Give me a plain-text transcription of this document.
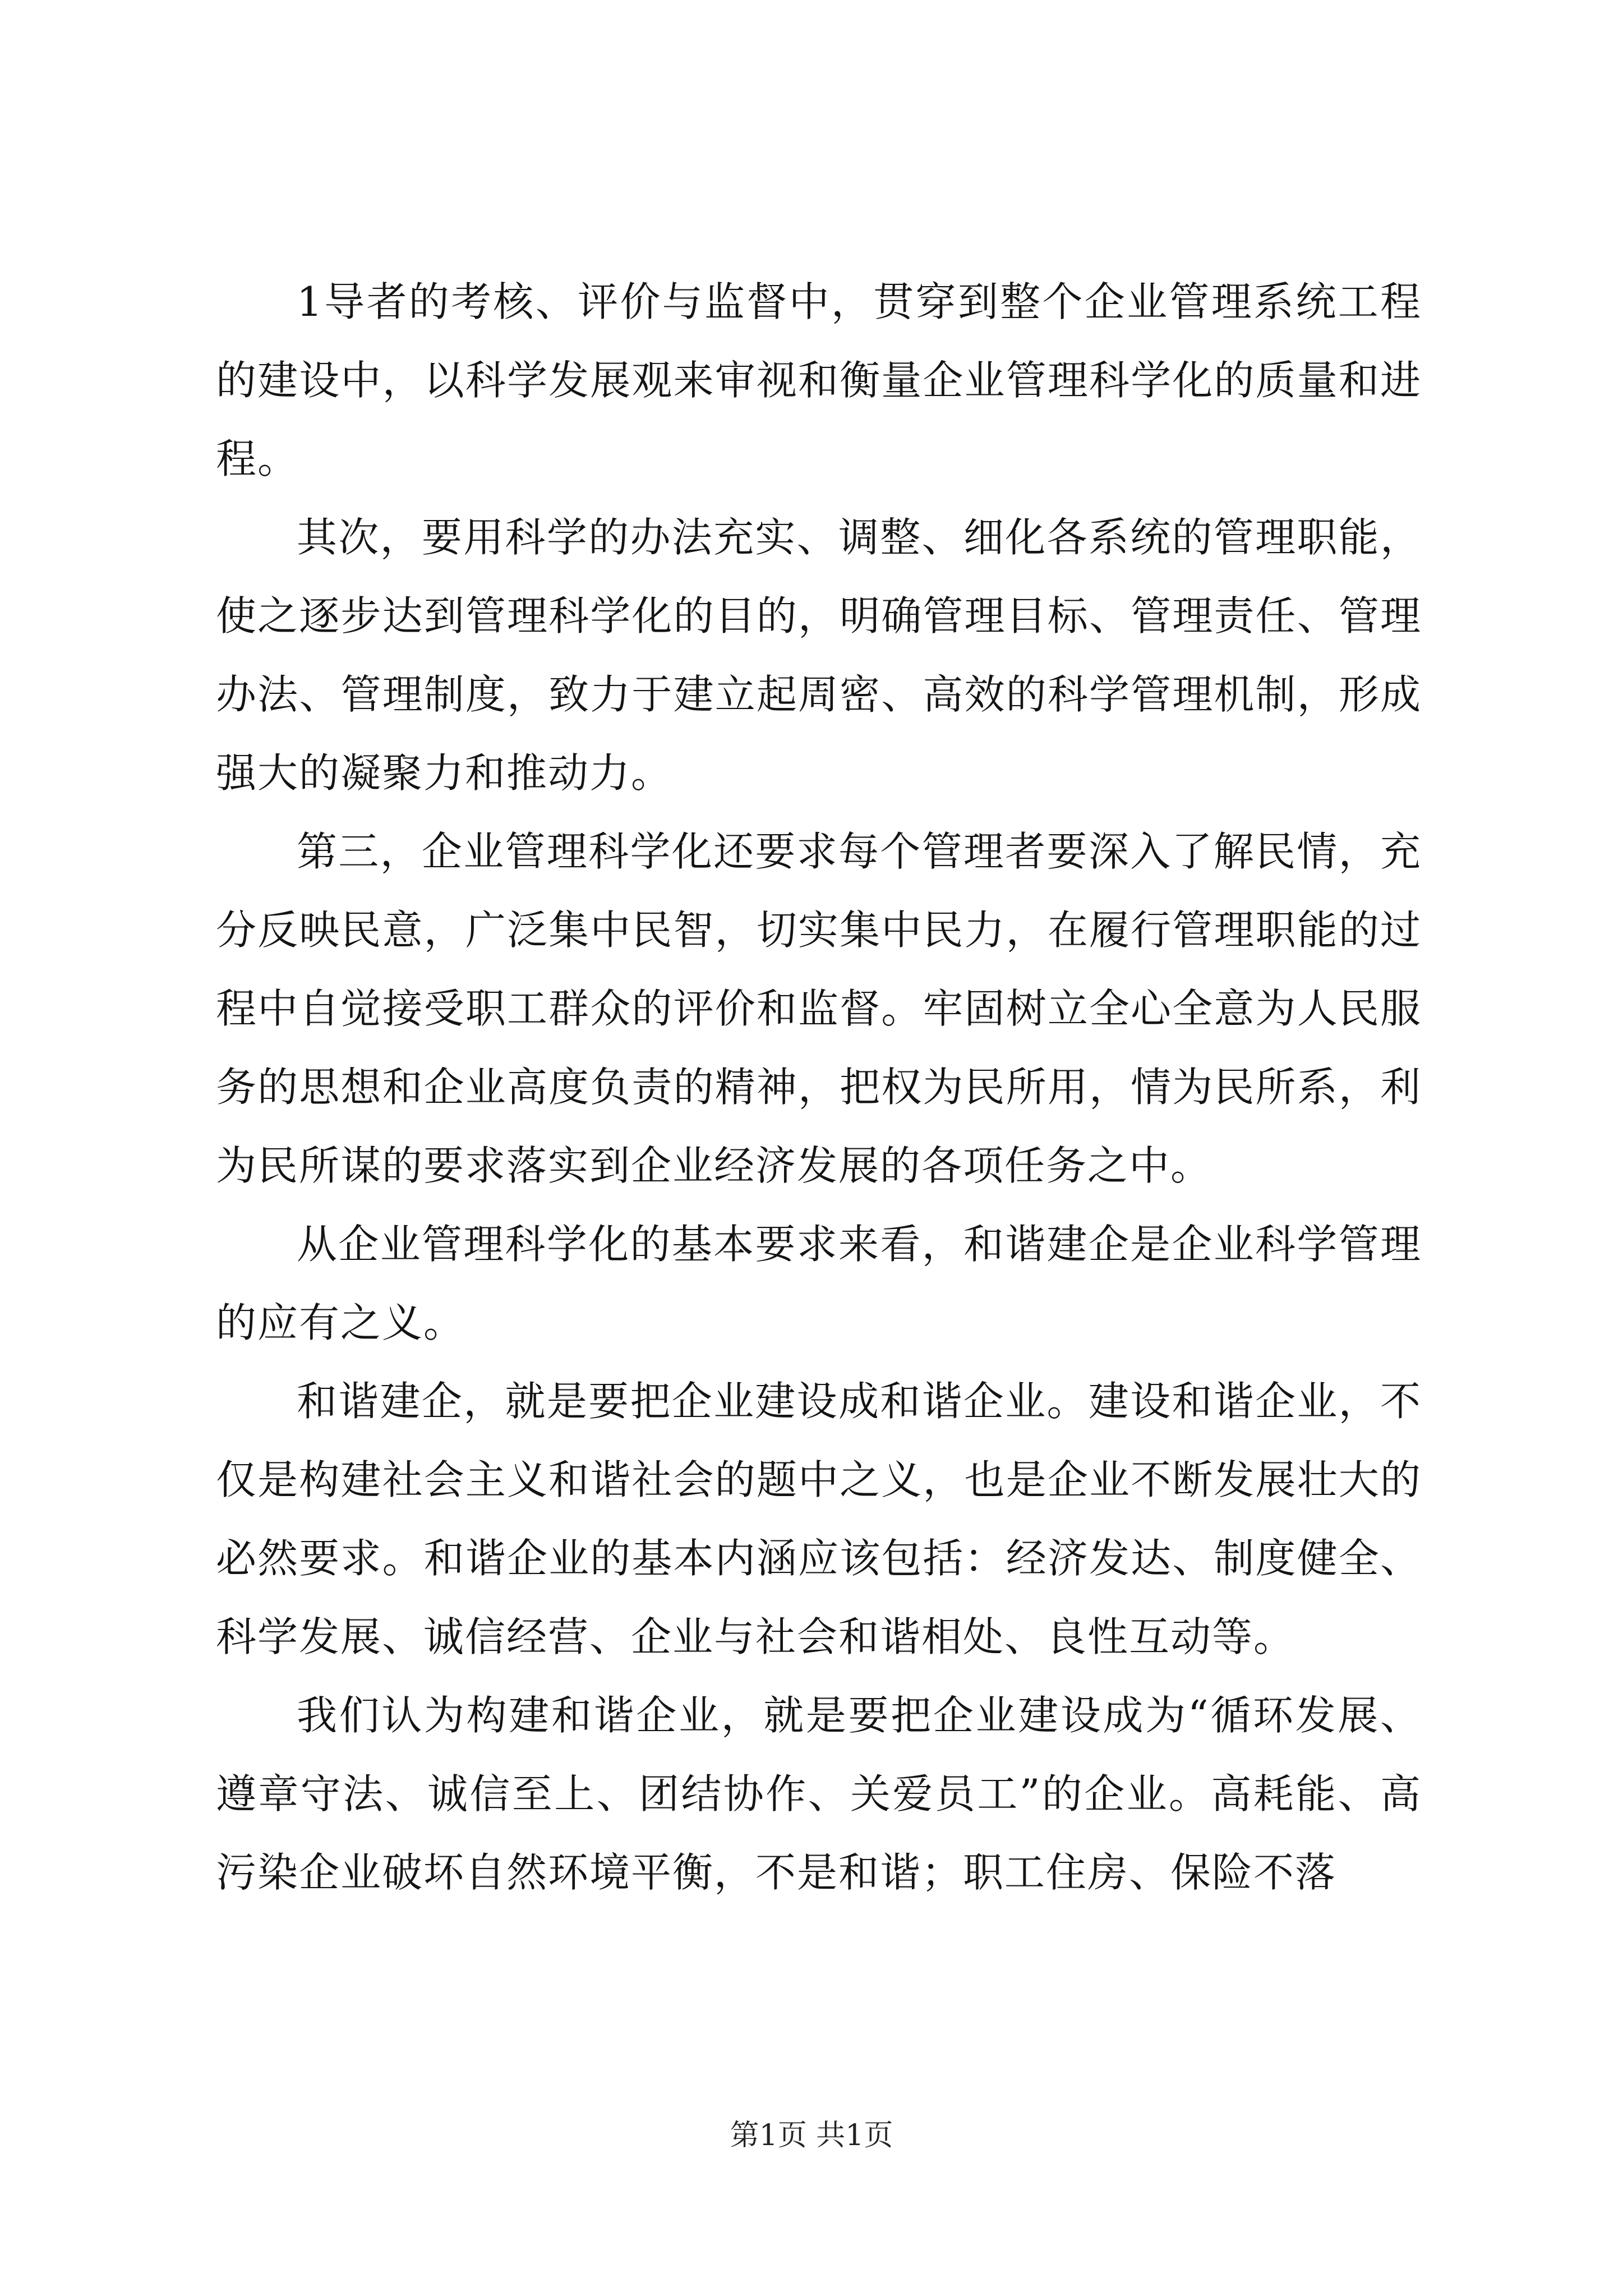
1导者的考核、评价与监督中，贯穿到整个企业管理系统工程的建设中，以科学发展观来审视和衡量企业管理科学化的质量和进程。

其次，要用科学的办法充实、调整、细化各系统的管理职能，使之逐步达到管理科学化的目的，明确管理目标、管理责任、管理办法、管理制度，致力于建立起周密、高效的科学管理机制，形成强大的凝聚力和推动力。

第三，企业管理科学化还要求每个管理者要深入了解民情，充分反映民意，广泛集中民智，切实集中民力，在履行管理职能的过程中自觉接受职工群众的评价和监督。牢固树立全心全意为人民服务的思想和企业高度负责的精神，把权为民所用，情为民所系，利为民所谋的要求落实到企业经济发展的各项任务之中。

从企业管理科学化的基本要求来看，和谐建企是企业科学管理的应有之义。

和谐建企，就是要把企业建设成和谐企业。建设和谐企业，不仅是构建社会主义和谐社会的题中之义，也是企业不断发展壮大的必然要求。和谐企业的基本内涵应该包括：经济发达、制度健全、科学发展、诚信经营、企业与社会和谐相处、良性互动等。

我们认为构建和谐企业，就是要把企业建设成为“循环发展、遵章守法、诚信至上、团结协作、关爱员工”的企业。高耗能、高污染企业破坏自然环境平衡，不是和谐；职工住房、保险不落

第1页 共1页
